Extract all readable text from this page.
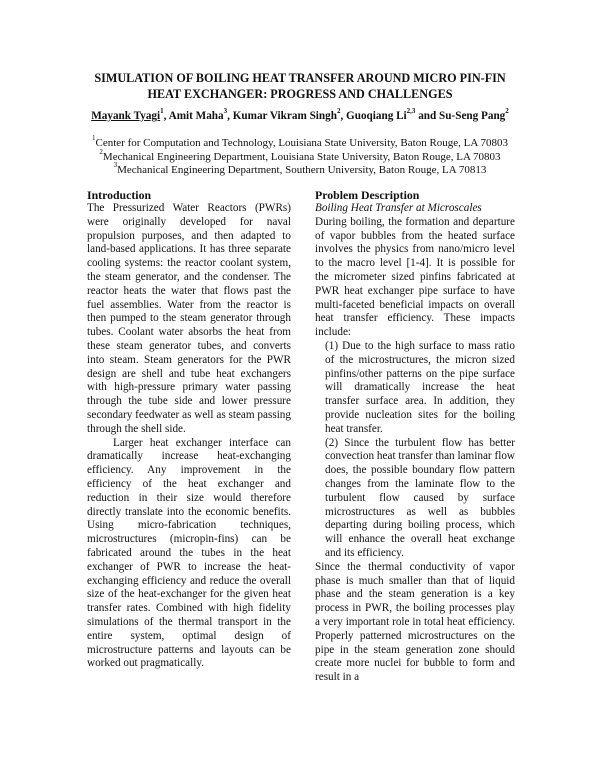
SIMULATION OF BOILING HEAT TRANSFER AROUND MICRO PIN-FIN
HEAT EXCHANGER: PROGRESS AND CHALLENGES
Mayank Tyagi$^1$, Amit Maha$^3$, Kumar Vikram Singh$^2$, Guoqiang Li$^{2,3}$ and Su-Seng Pang$^2$
$^1$Center for Computation and Technology, Louisiana State University, Baton Rouge, LA 70803
$^2$Mechanical Engineering Department, Louisiana State University, Baton Rouge, LA 70803
$^3$Mechanical Engineering Department, Southern University, Baton Rouge, LA 70813
Introduction

The Pressurized Water Reactors (PWRs) were originally developed for naval propulsion purposes, and then adapted to land-based applications. It has three separate cooling systems: the reactor coolant system, the steam generator, and the condenser. The reactor heats the water that flows past the fuel assemblies. Water from the reactor is then pumped to the steam generator through tubes. Coolant water absorbs the heat from these steam generator tubes, and converts into steam. Steam generators for the PWR design are shell and tube heat exchangers with high-pressure primary water passing through the tube side and lower pressure secondary feedwater as well as steam passing through the shell side.

Larger heat exchanger interface can dramatically increase heat-exchanging efficiency. Any improvement in the efficiency of the heat exchanger and reduction in their size would therefore directly translate into the economic benefits. Using micro-fabrication techniques, microstructures (micropin-fins) can be fabricated around the tubes in the heat exchanger of PWR to increase the heat-exchanging efficiency and reduce the overall size of the heat-exchanger for the given heat transfer rates. Combined with high fidelity simulations of the thermal transport in the entire system, optimal design of microstructure patterns and layouts can be worked out pragmatically.

Problem Description
Boiling Heat Transfer at Microscales

During boiling, the formation and departure of vapor bubbles from the heated surface involves the physics from nano/micro level to the macro level [1-4]. It is possible for the micrometer sized pinfins fabricated at PWR heat exchanger pipe surface to have multi-faceted beneficial impacts on overall heat transfer efficiency. These impacts include:

(1) Due to the high surface to mass ratio of the microstructures, the micron sized pinfins/other patterns on the pipe surface will dramatically increase the heat transfer surface area. In addition, they provide nucleation sites for the boiling heat transfer.

(2) Since the turbulent flow has better convection heat transfer than laminar flow does, the possible boundary flow pattern changes from the laminate flow to the turbulent flow caused by surface microstructures as well as bubbles departing during boiling process, which will enhance the overall heat exchange and its efficiency.

Since the thermal conductivity of vapor phase is much smaller than that of liquid phase and the steam generation is a key process in PWR, the boiling processes play a very important role in total heat efficiency. Properly patterned microstructures on the pipe in the steam generation zone should create more nuclei for bubble to form and result in a
